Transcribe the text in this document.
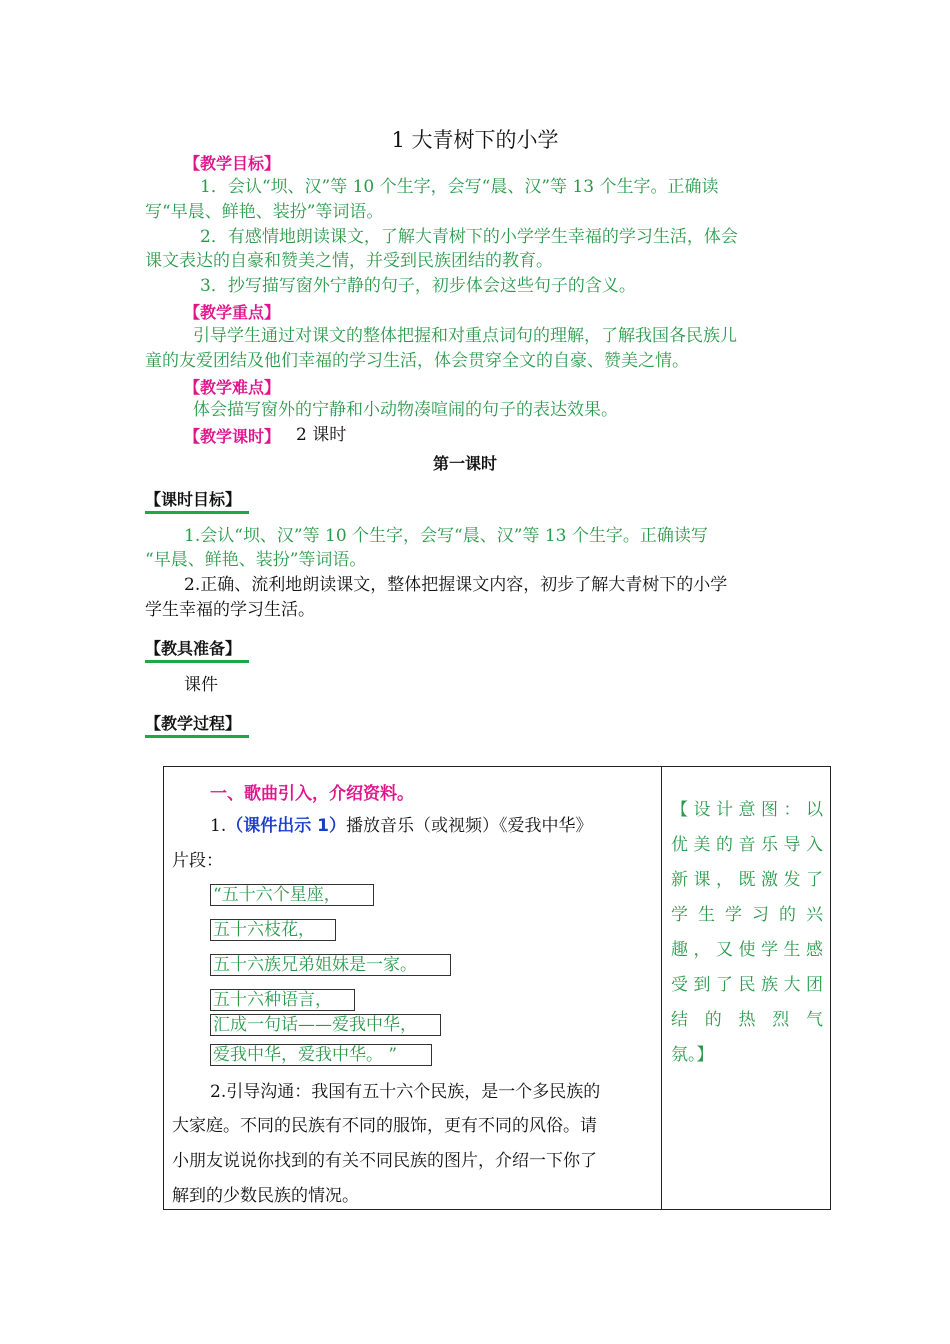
1 大青树下的小学
【教学目标】
1．会认“坝、汉”等 10 个生字，会写“晨、汉”等 13 个生字。正确读
写“早晨、鲜艳、装扮”等词语。
2．有感情地朗读课文，了解大青树下的小学学生幸福的学习生活，体会
课文表达的自豪和赞美之情，并受到民族团结的教育。
3．抄写描写窗外宁静的句子，初步体会这些句子的含义。
【教学重点】
引导学生通过对课文的整体把握和对重点词句的理解，了解我国各民族儿
童的友爱团结及他们幸福的学习生活，体会贯穿全文的自豪、赞美之情。
【教学难点】
体会描写窗外的宁静和小动物凑喧闹的句子的表达效果。
【教学课时】 2 课时
第一课时
【课时目标】
1.会认“坝、汉”等 10 个生字，会写“晨、汉”等 13 个生字。正确读写
“早晨、鲜艳、装扮”等词语。
2.正确、流利地朗读课文，整体把握课文内容，初步了解大青树下的小学
学生幸福的学习生活。
【教具准备】
课件
【教学过程】
一、歌曲引入，介绍资料。
1.（课件出示 1）播放音乐（或视频）《爱我中华》
片段：
“五十六个星座，
五十六枝花，
五十六族兄弟姐妹是一家。
五十六种语言，
汇成一句话——爱我中华，
爱我中华，爱我中华。 ”
2.引导沟通：我国有五十六个民族，是一个多民族的
大家庭。不同的民族有不同的服饰，更有不同的风俗。请
小朋友说说你找到的有关不同民族的图片，介绍一下你了
解到的少数民族的情况。
【设计意图：以
优美的音乐导入
新课，既激发了
学生学习的兴
趣，又使学生感
受到了民族大团
结的热烈气
氛。】
